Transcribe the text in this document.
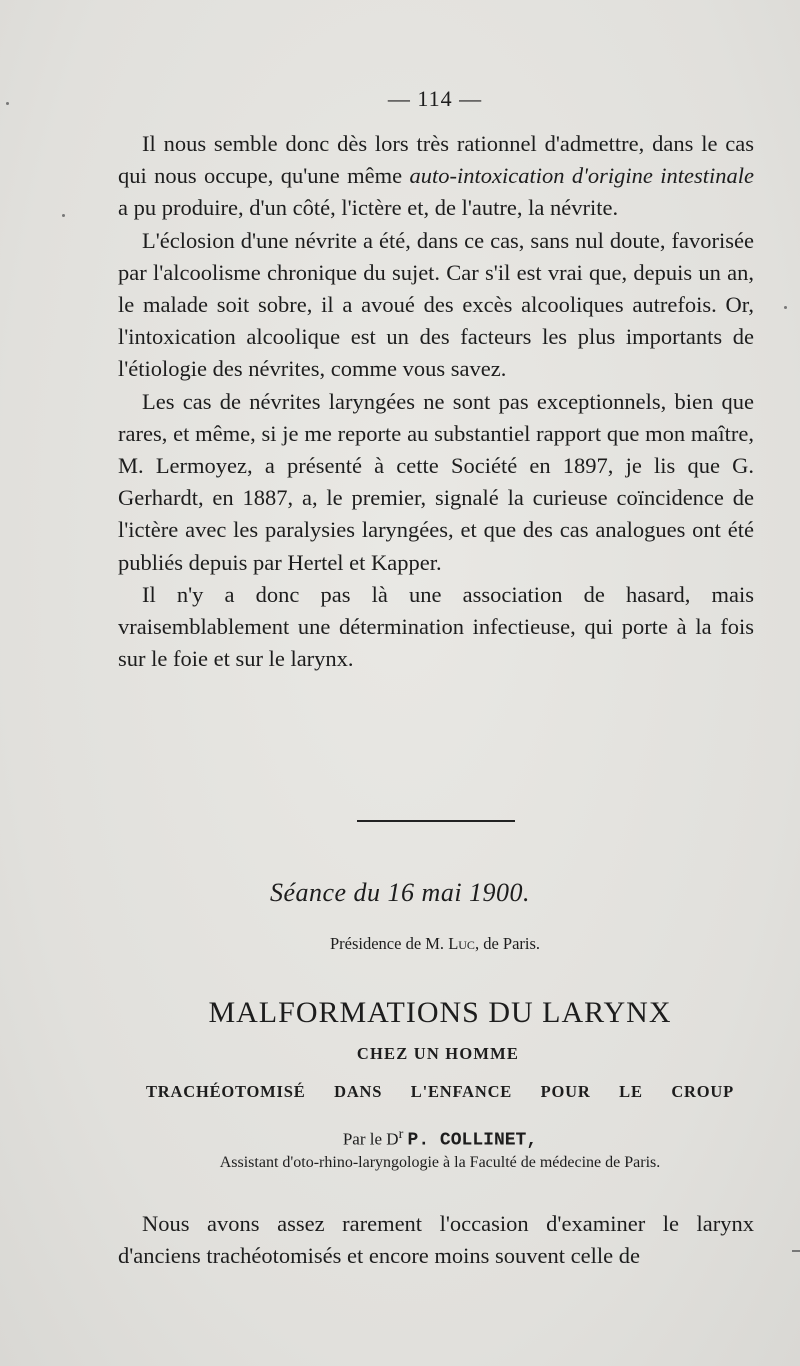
— 114 —

Il nous semble donc dès lors très rationnel d'admettre, dans le cas qui nous occupe, qu'une même auto-intoxication d'origine intestinale a pu produire, d'un côté, l'ictère et, de l'autre, la névrite.

L'éclosion d'une névrite a été, dans ce cas, sans nul doute, favorisée par l'alcoolisme chronique du sujet. Car s'il est vrai que, depuis un an, le malade soit sobre, il a avoué des excès alcooliques autrefois. Or, l'intoxication alcoolique est un des facteurs les plus importants de l'étiologie des névrites, comme vous savez.

Les cas de névrites laryngées ne sont pas exceptionnels, bien que rares, et même, si je me reporte au substantiel rapport que mon maître, M. Lermoyez, a présenté à cette Société en 1897, je lis que G. Gerhardt, en 1887, a, le premier, signalé la curieuse coïncidence de l'ictère avec les paralysies laryngées, et que des cas analogues ont été publiés depuis par Hertel et Kapper.

Il n'y a donc pas là une association de hasard, mais vraisemblablement une détermination infectieuse, qui porte à la fois sur le foie et sur le larynx.

Séance du 16 mai 1900.
Présidence de M. Luc, de Paris.
MALFORMATIONS DU LARYNX
CHEZ UN HOMME
TRACHÉOTOMISÉ DANS L'ENFANCE POUR LE CROUP
Par le $D^r$ P. COLLINET,
Assistant d'oto-rhino-laryngologie à la Faculté de médecine de Paris.

Nous avons assez rarement l'occasion d'examiner le larynx d'anciens trachéotomisés et encore moins souvent celle de
